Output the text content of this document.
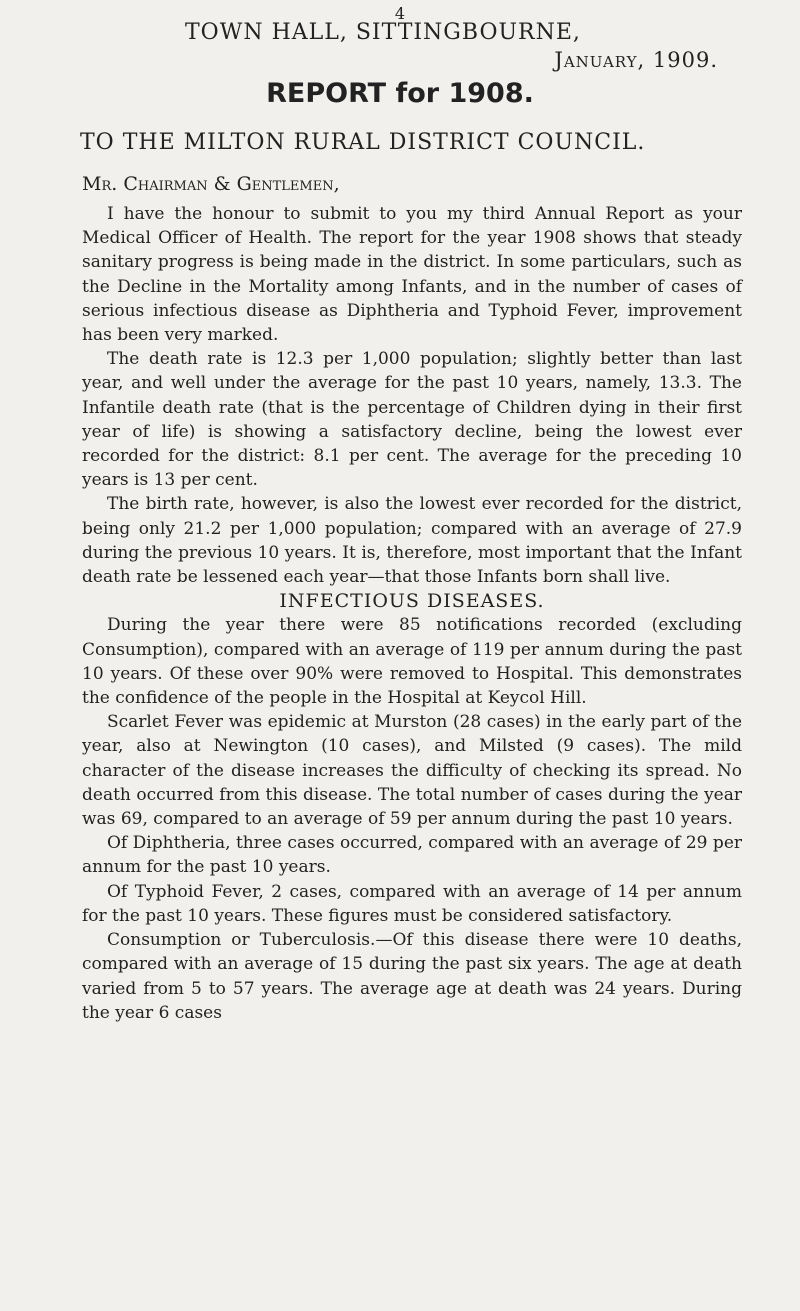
4
TOWN HALL, SITTINGBOURNE,
January, 1909.
REPORT for 1908.
TO THE MILTON RURAL DISTRICT COUNCIL.
Mr. Chairman & Gentlemen,

I have the honour to submit to you my third Annual Report as your Medical Officer of Health. The report for the year 1908 shows that steady sanitary progress is being made in the district. In some particulars, such as the Decline in the Mortality among Infants, and in the number of cases of serious infectious disease as Diphtheria and Typhoid Fever, improvement has been very marked.

The death rate is 12.3 per 1,000 population; slightly better than last year, and well under the average for the past 10 years, namely, 13.3. The Infantile death rate (that is the percentage of Children dying in their first year of life) is showing a satisfactory decline, being the lowest ever recorded for the district: 8.1 per cent. The average for the preceding 10 years is 13 per cent.

The birth rate, however, is also the lowest ever recorded for the district, being only 21.2 per 1,000 population; compared with an average of 27.9 during the previous 10 years. It is, therefore, most important that the Infant death rate be lessened each year—that those Infants born shall live.

INFECTIOUS DISEASES.

During the year there were 85 notifications recorded (excluding Consumption), compared with an average of 119 per annum during the past 10 years. Of these over 90% were removed to Hospital. This demonstrates the confidence of the people in the Hospital at Keycol Hill.

Scarlet Fever was epidemic at Murston (28 cases) in the early part of the year, also at Newington (10 cases), and Milsted (9 cases). The mild character of the disease increases the difficulty of checking its spread. No death occurred from this disease. The total number of cases during the year was 69, compared to an average of 59 per annum during the past 10 years.

Of Diphtheria, three cases occurred, compared with an average of 29 per annum for the past 10 years.

Of Typhoid Fever, 2 cases, compared with an average of 14 per annum for the past 10 years. These figures must be considered satisfactory.

Consumption or Tuberculosis.—Of this disease there were 10 deaths, compared with an average of 15 during the past six years. The age at death varied from 5 to 57 years. The average age at death was 24 years. During the year 6 cases
